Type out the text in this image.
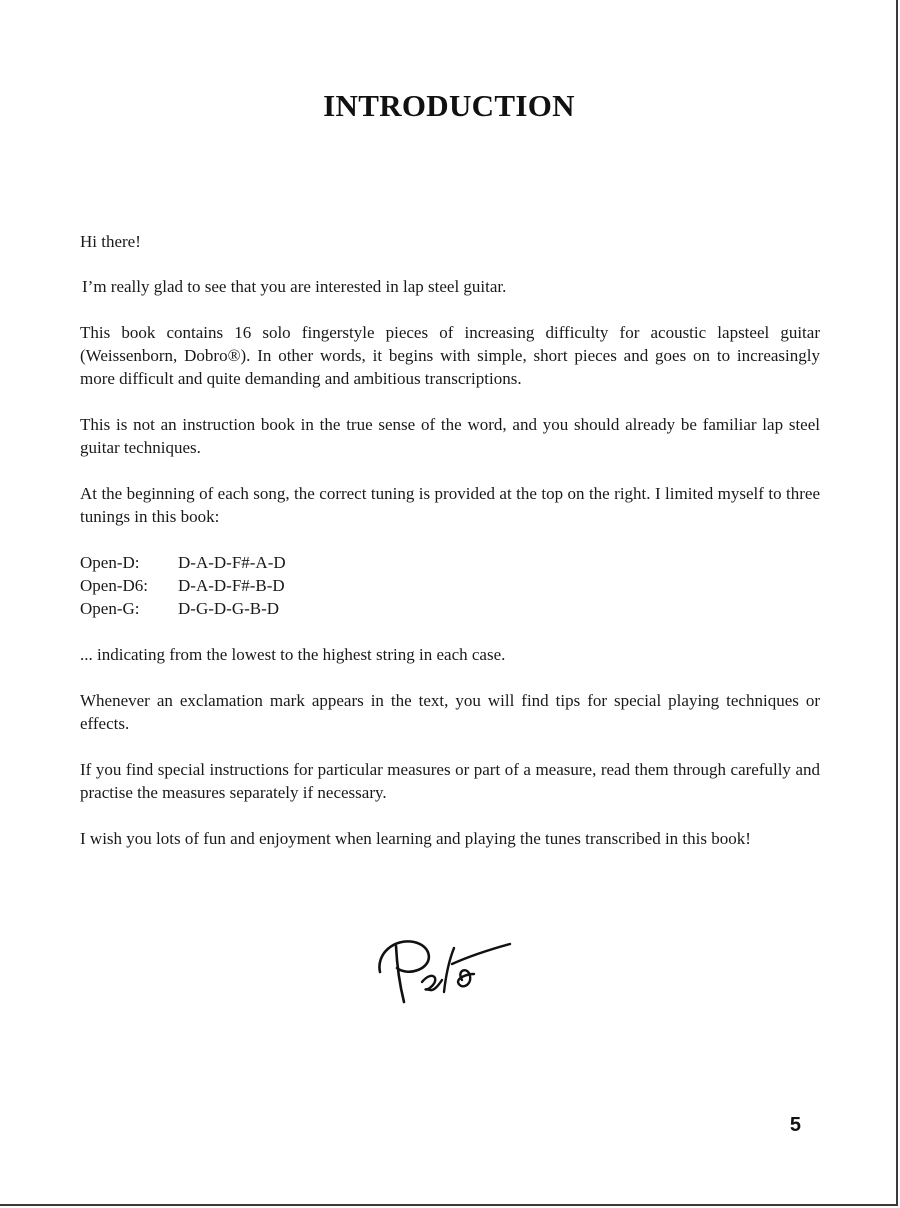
INTRODUCTION

Hi there!

I’m really glad to see that you are interested in lap steel guitar.

This book contains 16 solo fingerstyle pieces of increasing difficulty for acoustic lapsteel guitar (Weissenborn, Dobro®). In other words, it begins with simple, short pieces and goes on to increasingly more difficult and quite demanding and ambitious transcriptions.

This is not an instruction book in the true sense of the word, and you should already be familiar lap steel guitar techniques.

At the beginning of each song, the correct tuning is provided at the top on the right. I limited myself to three tunings in this book:

Open-D:	D-A-D-F#-A-D
Open-D6:	D-A-D-F#-B-D
Open-G:	D-G-D-G-B-D

... indicating from the lowest to the highest string in each case.

Whenever an exclamation mark appears in the text, you will find tips for special playing techniques or effects.

If you find special instructions for particular measures or part of a measure, read them through carefully and practise the measures separately if necessary.

I wish you lots of fun and enjoyment when learning and playing the tunes transcribed in this book!

5
